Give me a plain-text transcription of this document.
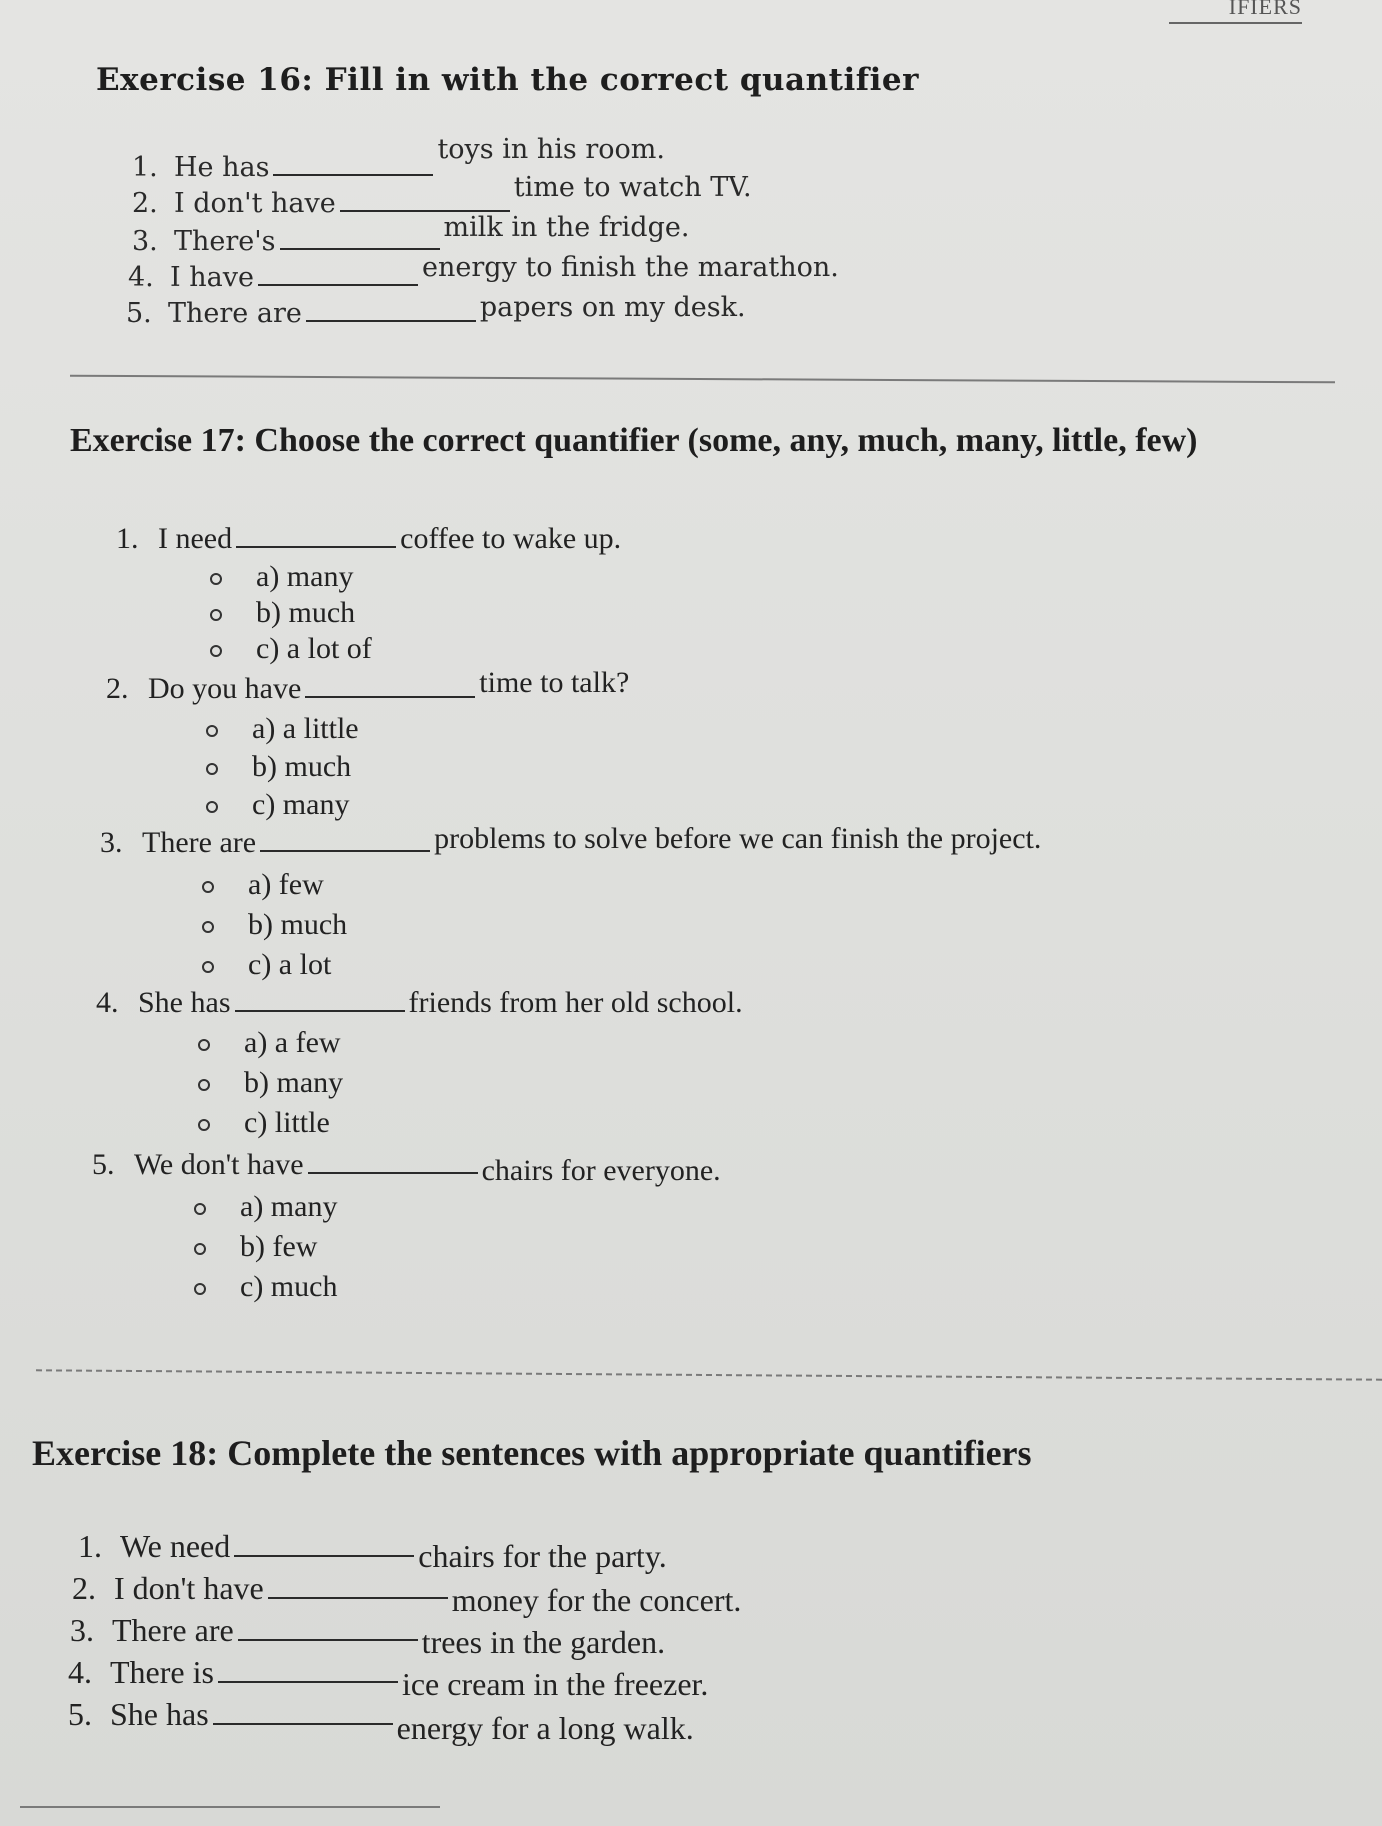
IFIERS
Exercise 16: Fill in with the correct quantifier
1. He hastoys in his room.
2. I don't havetime to watch TV.
3. There's	milk in the fridge.
4. I have	energy to finish the marathon.
5. There are	papers on my desk.
Exercise 17: Choose the correct quantifier (some, any, much, many, little, few)
1. I need	coffee to wake up.
a) many
b) much
c) a lot of
2. Do you have	time to talk?
a) a little
b) much
c) many
3. There are	problems to solve before we can finish the project.
a) few
b) much
c) a lot
4. She has	friends from her old school.
a) a few
b) many
c) little
5. We don't have	chairs for everyone.
a) many
b) few
c) much
Exercise 18: Complete the sentences with appropriate quantifiers
1. We need	chairs for the party.
2. I don't have	money for the concert.
3. There are	trees in the garden.
4. There is	ice cream in the freezer.
5. She has	energy for a long walk.
